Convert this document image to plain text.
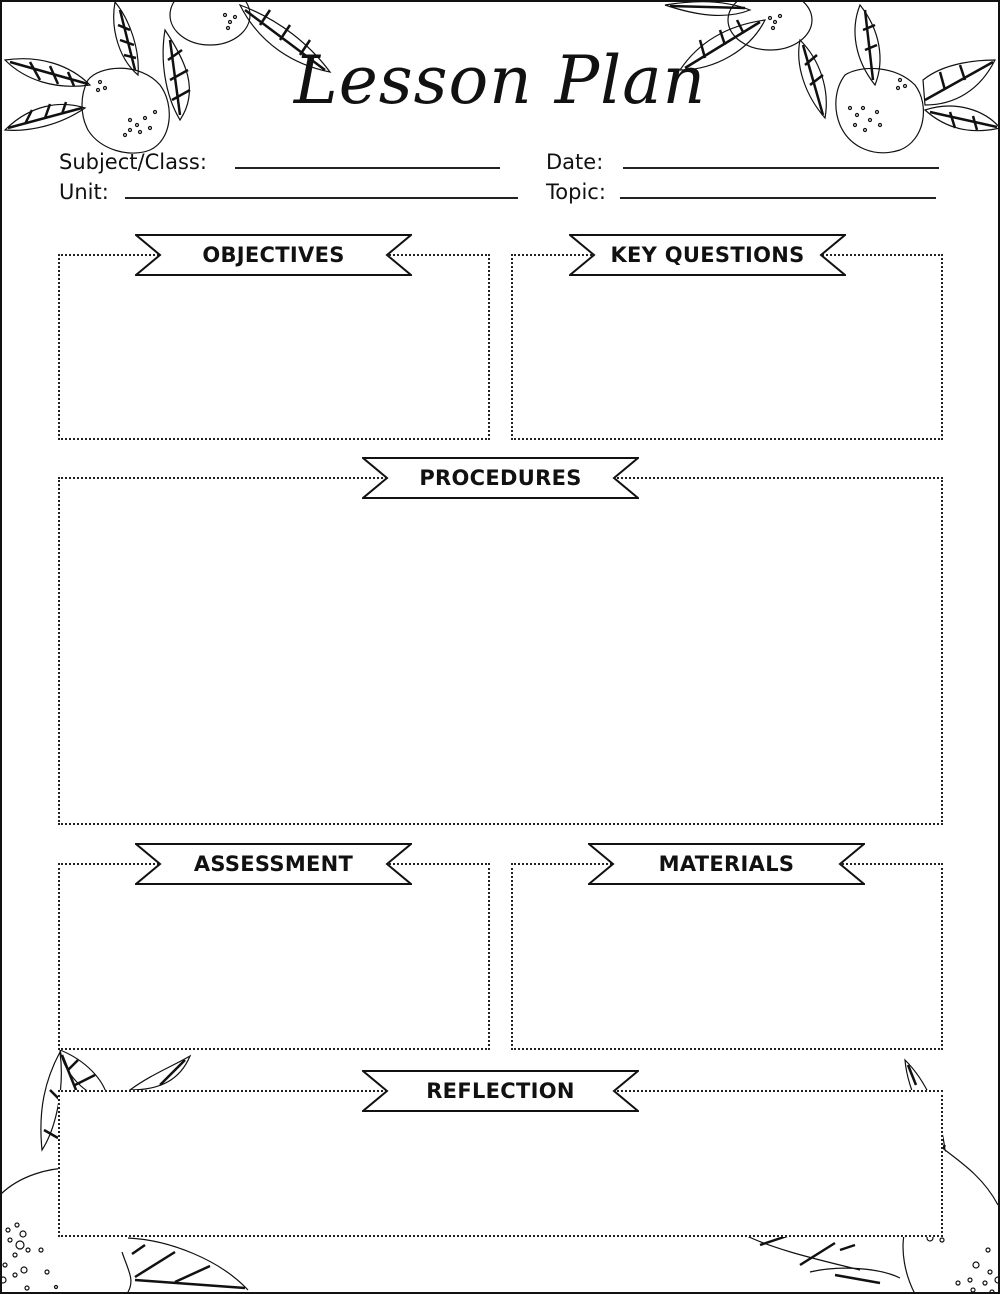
Lesson Plan
Subject/Class:
Unit:
Date:
Topic:
OBJECTIVES	KEY QUESTIONS
PROCEDURES
ASSESSMENT	MATERIALS
REFLECTION
